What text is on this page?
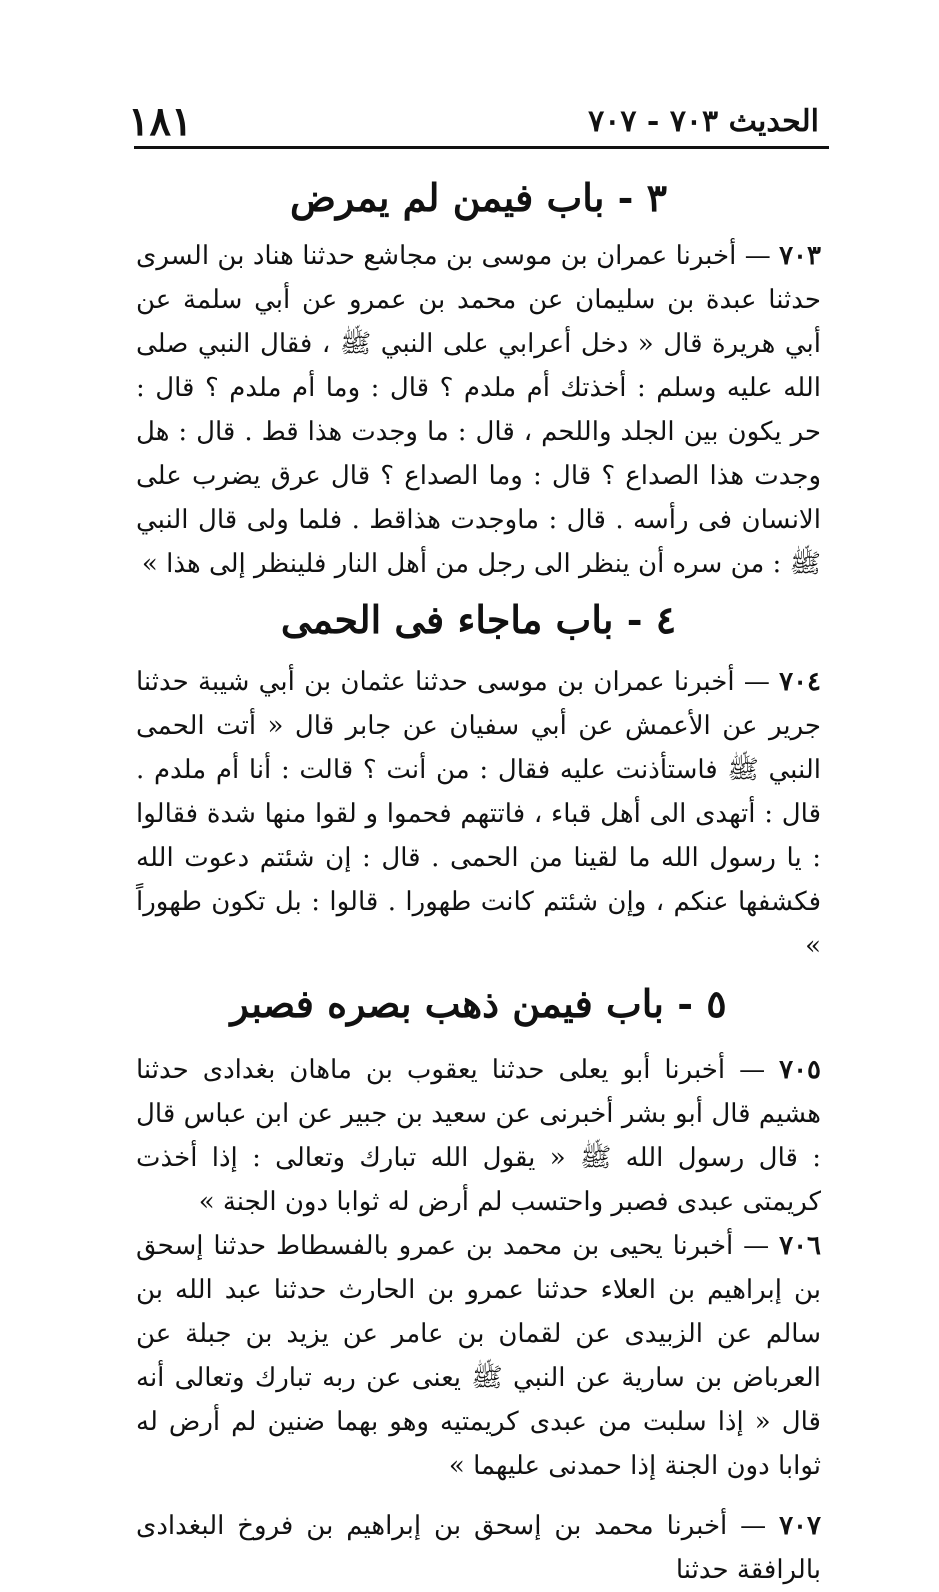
الحديث ٧٠٣ - ٧٠٧
١٨١
٣ - باب فيمن لم يمرض

٧٠٣ — أخبرنا عمران بن موسى بن مجاشع حدثنا هناد بن السرى حدثنا عبدة بن سليمان عن محمد بن عمرو عن أبي سلمة عن أبي هريرة قال « دخل أعرابي على النبي ﷺ ، فقال النبي صلى الله عليه وسلم : أخذتك أم ملدم ؟ قال : وما أم ملدم ؟ قال : حر يكون بين الجلد واللحم ، قال : ما وجدت هذا قط . قال : هل وجدت هذا الصداع ؟ قال : وما الصداع ؟ قال عرق يضرب على الانسان فى رأسه . قال : ماوجدت هذاقط . فلما ولى قال النبي ﷺ : من سره أن ينظر الى رجل من أهل النار فلينظر إلى هذا »

٤ - باب ماجاء فى الحمى

٧٠٤ — أخبرنا عمران بن موسى حدثنا عثمان بن أبي شيبة حدثنا جرير عن الأعمش عن أبي سفيان عن جابر قال « أتت الحمى النبي ﷺ فاستأذنت عليه فقال : من أنت ؟ قالت : أنا أم ملدم . قال : أتهدى الى أهل قباء ، فاتتهم فحموا و لقوا منها شدة فقالوا : يا رسول الله ما لقينا من الحمى . قال : إن شئتم دعوت الله فكشفها عنكم ، وإن شئتم كانت طهورا . قالوا : بل تكون طهوراً »

٥ - باب فيمن ذهب بصره فصبر

٧٠٥ — أخبرنا أبو يعلى حدثنا يعقوب بن ماهان بغدادى حدثنا هشيم قال أبو بشر أخبرنى عن سعيد بن جبير عن ابن عباس قال : قال رسول الله ﷺ « يقول الله تبارك وتعالى : إذا أخذت كريمتى عبدى فصبر واحتسب لم أرض له ثوابا دون الجنة »

٧٠٦ — أخبرنا يحيى بن محمد بن عمرو بالفسطاط حدثنا إسحق بن إبراهيم بن العلاء حدثنا عمرو بن الحارث حدثنا عبد الله بن سالم عن الزبيدى عن لقمان بن عامر عن يزيد بن جبلة عن العرباض بن سارية عن النبي ﷺ يعنى عن ربه تبارك وتعالى أنه قال « إذا سلبت من عبدى كريمتيه وهو بهما ضنين لم أرض له ثوابا دون الجنة إذا حمدنى عليهما »

٧٠٧ — أخبرنا محمد بن إسحق بن إبراهيم بن فروخ البغدادى بالرافقة حدثنا
